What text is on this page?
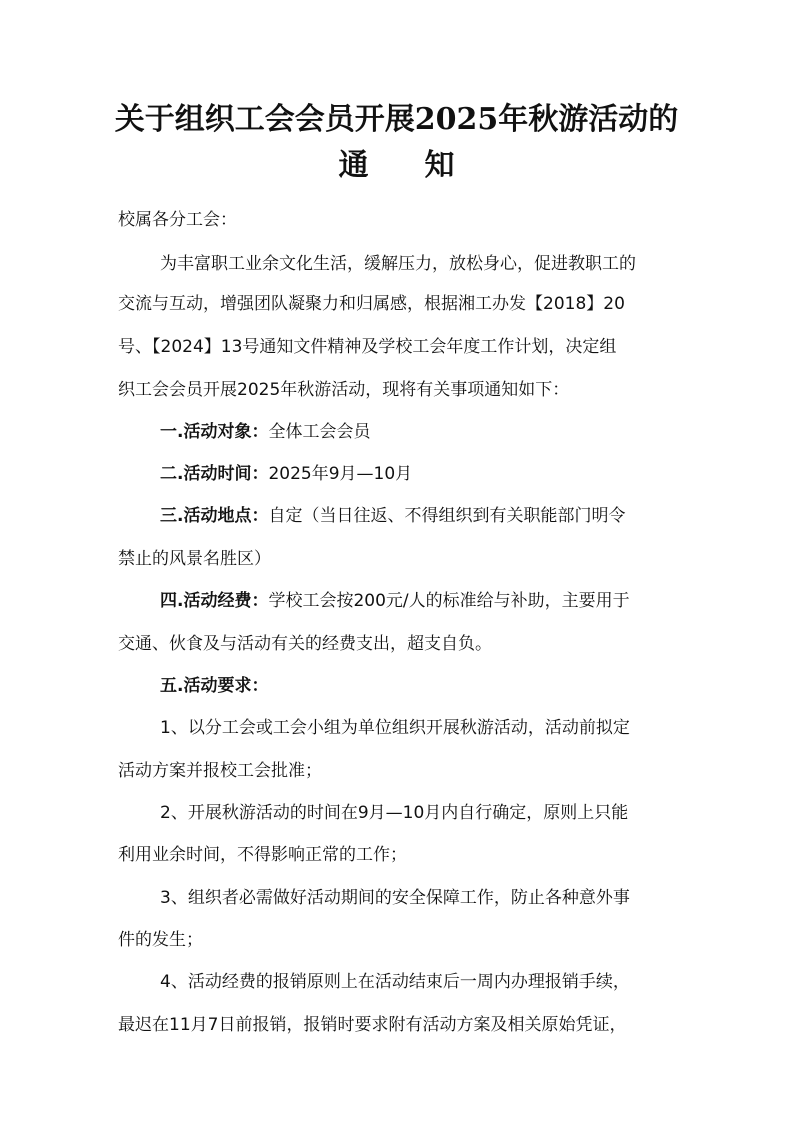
关于组织工会会员开展2025年秋游活动的
通 知
校属各分工会：
为丰富职工业余文化生活，缓解压力，放松身心，促进教职工的
交流与互动，增强团队凝聚力和归属感，根据湘工办发【2018】20
号、【2024】13号通知文件精神及学校工会年度工作计划，决定组
织工会会员开展2025年秋游活动，现将有关事项通知如下：
一.活动对象：全体工会会员
二.活动时间：2025年9月—10月
三.活动地点：自定（当日往返、不得组织到有关职能部门明令
禁止的风景名胜区）
四.活动经费：学校工会按200元/人的标准给与补助，主要用于
交通、伙食及与活动有关的经费支出，超支自负。
五.活动要求：
1、以分工会或工会小组为单位组织开展秋游活动，活动前拟定
活动方案并报校工会批准；
2、开展秋游活动的时间在9月—10月内自行确定，原则上只能
利用业余时间，不得影响正常的工作；
3、组织者必需做好活动期间的安全保障工作，防止各种意外事
件的发生；
4、活动经费的报销原则上在活动结束后一周内办理报销手续，
最迟在11月7日前报销，报销时要求附有活动方案及相关原始凭证，
